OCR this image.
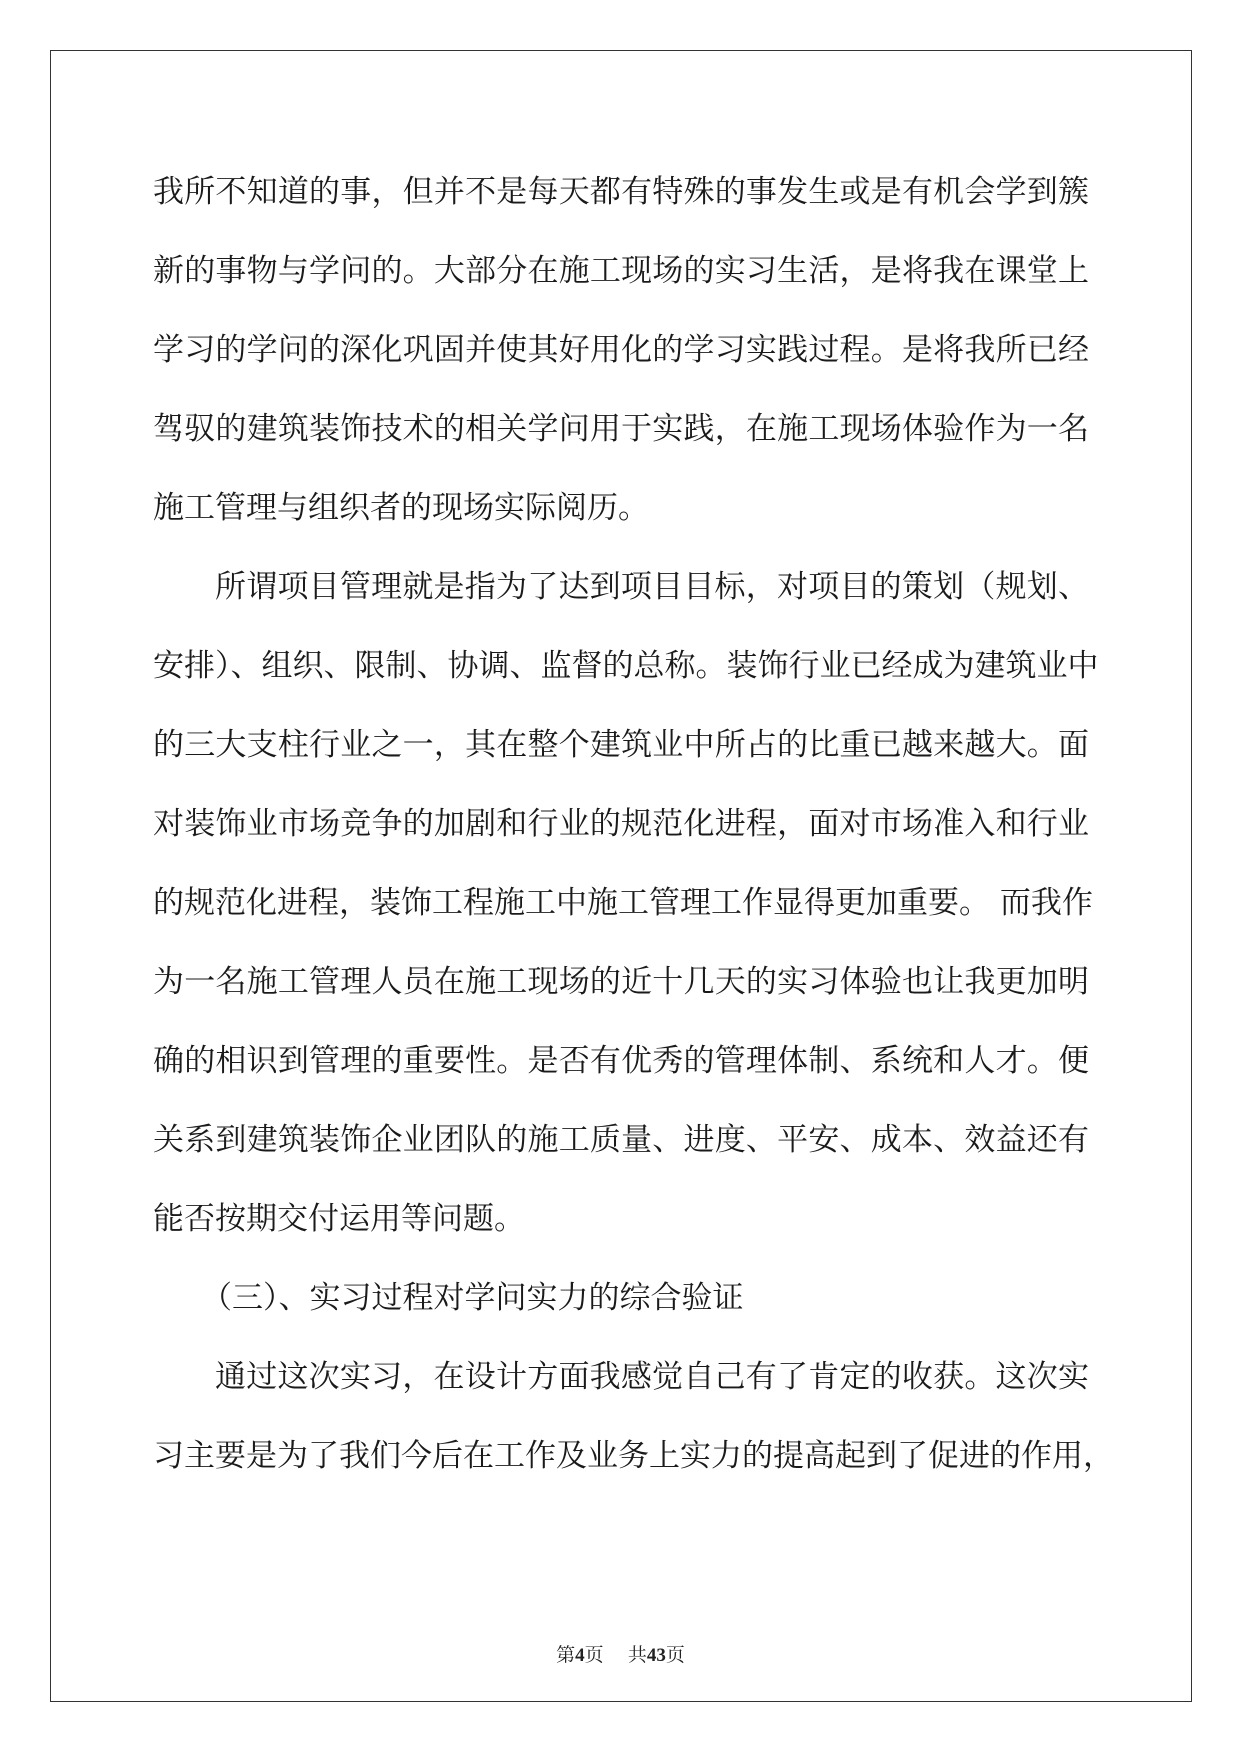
我所不知道的事，但并不是每天都有特殊的事发生或是有机会学到簇
新的事物与学问的。大部分在施工现场的实习生活，是将我在课堂上
学习的学问的深化巩固并使其好用化的学习实践过程。是将我所已经
驾驭的建筑装饰技术的相关学问用于实践，在施工现场体验作为一名
施工管理与组织者的现场实际阅历。
所谓项目管理就是指为了达到项目目标，对项目的策划（规划、
安排）、组织、限制、协调、监督的总称。装饰行业已经成为建筑业中
的三大支柱行业之一，其在整个建筑业中所占的比重已越来越大。面
对装饰业市场竞争的加剧和行业的规范化进程，面对市场准入和行业
的规范化进程，装饰工程施工中施工管理工作显得更加重要。 而我作
为一名施工管理人员在施工现场的近十几天的实习体验也让我更加明
确的相识到管理的重要性。是否有优秀的管理体制、系统和人才。便
关系到建筑装饰企业团队的施工质量、进度、平安、成本、效益还有
能否按期交付运用等问题。
（三）、实习过程对学问实力的综合验证
通过这次实习，在设计方面我感觉自己有了肯定的收获。这次实
习主要是为了我们今后在工作及业务上实力的提高起到了促进的作用，
第4页 共43页
